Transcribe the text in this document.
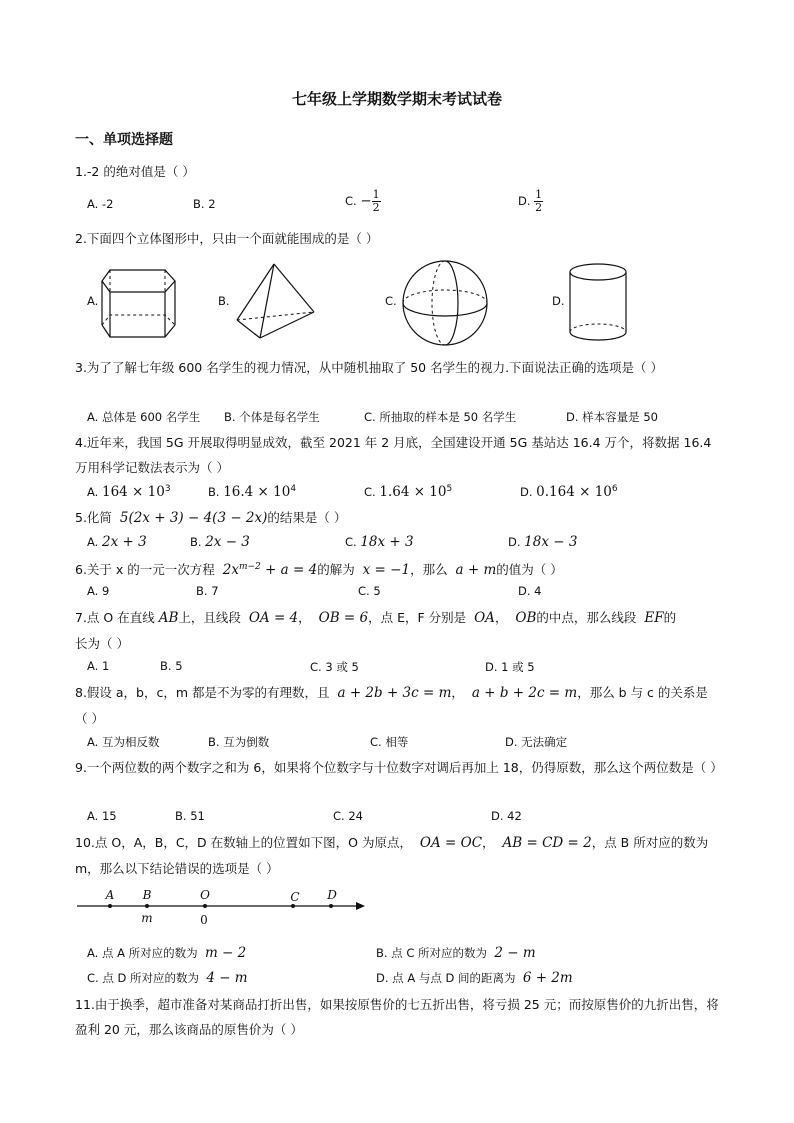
七年级上学期数学期末考试试卷
一、单项选择题
1.-2 的绝对值是（ ）
A. -2	B. 2	C. − $\frac{1}{2}$	D. $\frac{1}{2}$
2.下面四个立体图形中，只由一个面就能围成的是（ ）
A.	B.	C.	D.
3.为了了解七年级 600 名学生的视力情况，从中随机抽取了 50 名学生的视力.下面说法正确的选项是（ ）
A. 总体是 600 名学生 B. 个体是每名学生	C. 所抽取的样本是 50 名学生	D. 样本容量是 50
4.近年来，我国 5G 开展取得明显成效，截至 2021 年 2 月底，全国建设开通 5G 基站达 16.4 万个，将数据 16.4 万用科学记数法表示为（ ）
A. $164 \times 10^3$	B. $16.4 \times 10^4$	C. $1.64 \times 10^5$	D. $0.164 \times 10^6$
5.化简 5(2x + 3) − 4(3 − 2x)的结果是（ ）
A. 2x + 3	B. 2x − 3	C. 18x + 3	D. 18x − 3
6.关于 x 的一元一次方程 $2x^{m-2} + a = 4$的解为 x = −1，那么 a + m的值为（ ）
A. 9	B. 7	C. 5	D. 4
7.点 O 在直线 AB上，且线段 OA = 4， OB = 6，点 E，F 分别是 OA， OB的中点，那么线段 EF的
长为（ ）
A. 1	B. 5	C. 3 或 5	D. 1 或 5
8.假设 a，b，c，m 都是不为零的有理数，且 a + 2b + 3c = m， a + b + 2c = m，那么 b 与 c 的关系是（ ）
A. 互为相反数	B. 互为倒数	C. 相等	D. 无法确定
9.一个两位数的两个数字之和为 6，如果将个位数字与十位数字对调后再加上 18，仍得原数，那么这个两位数是（ ）
A. 15	B. 51	C. 24	D. 42
10.点 O，A，B，C，D 在数轴上的位置如下图，O 为原点， OA = OC， AB = CD = 2，点 B 所对应的数为 m，那么以下结论错误的选项是（ ）
A B	O	C D
m	0
A. 点 A 所对应的数为 m − 2	B. 点 C 所对应的数为 2 − m
C. 点 D 所对应的数为 4 − m	D. 点 A 与点 D 间的距离为 6 + 2m
11.由于换季，超市准备对某商品打折出售，如果按原售价的七五折出售，将亏损 25 元；而按原售价的九折出售，将盈利 20 元，那么该商品的原售价为（ ）
